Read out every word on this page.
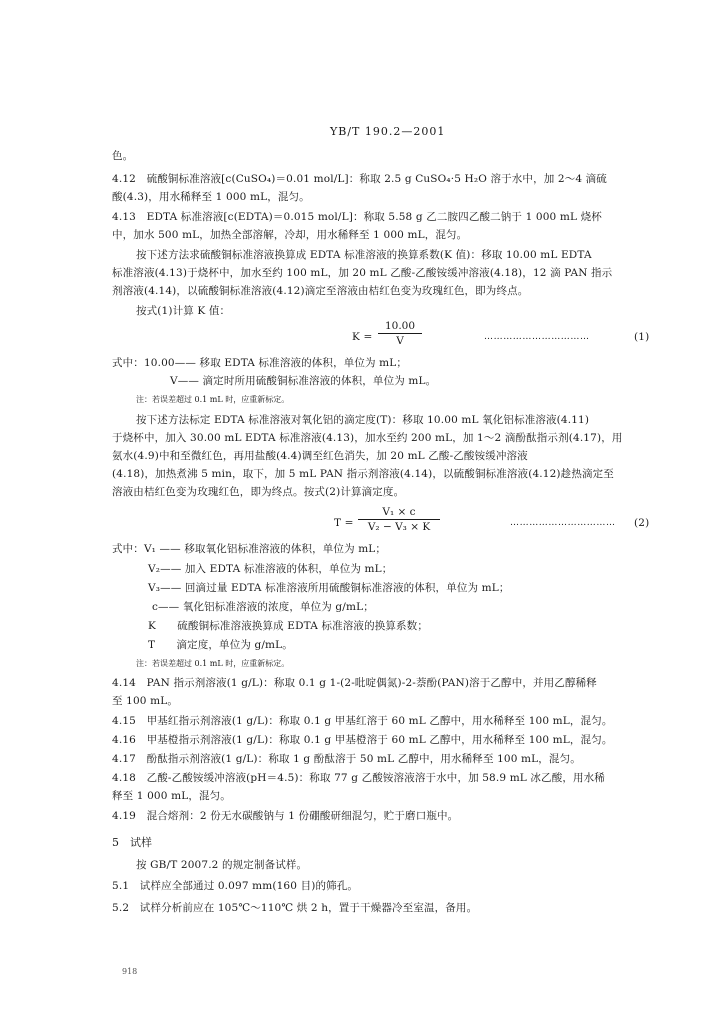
YB/T 190.2—2001
色。
4.12　硫酸铜标准溶液[c(CuSO₄)＝0.01 mol/L]：称取 2.5 g CuSO₄·5 H₂O 溶于水中，加 2～4 滴硫
酸(4.3)，用水稀释至 1 000 mL，混匀。
4.13　EDTA 标准溶液[c(EDTA)＝0.015 mol/L]：称取 5.58 g 乙二胺四乙酸二钠于 1 000 mL 烧杯
中，加水 500 mL，加热全部溶解，冷却，用水稀释至 1 000 mL，混匀。
按下述方法求硫酸铜标准溶液换算成 EDTA 标准溶液的换算系数(K 值)：移取 10.00 mL EDTA
标准溶液(4.13)于烧杯中，加水至约 100 mL，加 20 mL 乙酸-乙酸铵缓冲溶液(4.18)，12 滴 PAN 指示
剂溶液(4.14)，以硫酸铜标准溶液(4.12)滴定至溶液由桔红色变为玫瑰红色，即为终点。
按式(1)计算 K 值：
K =
10.00
V	……………………………	(1)
式中：10.00—— 移取 EDTA 标准溶液的体积，单位为 mL；
V—— 滴定时所用硫酸铜标准溶液的体积，单位为 mL。
注：若误差超过 0.1 mL 时，应重新标定。
按下述方法标定 EDTA 标准溶液对氧化铝的滴定度(T)：移取 10.00 mL 氧化铝标准溶液(4.11)
于烧杯中，加入 30.00 mL EDTA 标准溶液(4.13)，加水至约 200 mL，加 1～2 滴酚酞指示剂(4.17)，用
氨水(4.9)中和至微红色，再用盐酸(4.4)调至红色消失，加 20 mL 乙酸-乙酸铵缓冲溶液
(4.18)，加热煮沸 5 min，取下，加 5 mL PAN 指示剂溶液(4.14)，以硫酸铜标准溶液(4.12)趁热滴定至
溶液由桔红色变为玫瑰红色，即为终点。按式(2)计算滴定度。
T =
V₁ × c
V₂ − V₃ × K	…………………………… (2)
式中：V₁ —— 移取氧化铝标准溶液的体积，单位为 mL；
V₂—— 加入 EDTA 标准溶液的体积，单位为 mL；
V₃—— 回滴过量 EDTA 标准溶液所用硫酸铜标准溶液的体积，单位为 mL；
c—— 氧化铝标准溶液的浓度，单位为 g/mL；
K　　硫酸铜标准溶液换算成 EDTA 标准溶液的换算系数；
T　　滴定度，单位为 g/mL。
注：若误差超过 0.1 mL 时，应重新标定。
4.14　PAN 指示剂溶液(1 g/L)：称取 0.1 g 1-(2-吡啶偶氮)-2-萘酚(PAN)溶于乙醇中，并用乙醇稀释
至 100 mL。
4.15　甲基红指示剂溶液(1 g/L)：称取 0.1 g 甲基红溶于 60 mL 乙醇中，用水稀释至 100 mL，混匀。
4.16　甲基橙指示剂溶液(1 g/L)：称取 0.1 g 甲基橙溶于 60 mL 乙醇中，用水稀释至 100 mL，混匀。
4.17　酚酞指示剂溶液(1 g/L)：称取 1 g 酚酞溶于 50 mL 乙醇中，用水稀释至 100 mL，混匀。
4.18　乙酸-乙酸铵缓冲溶液(pH＝4.5)：称取 77 g 乙酸铵溶液溶于水中，加 58.9 mL 冰乙酸，用水稀
释至 1 000 mL，混匀。
4.19　混合熔剂：2 份无水碳酸钠与 1 份硼酸研细混匀，贮于磨口瓶中。
5　试样
按 GB/T 2007.2 的规定制备试样。
5.1　试样应全部通过 0.097 mm(160 目)的筛孔。
5.2　试样分析前应在 105℃～110℃ 烘 2 h，置于干燥器冷至室温，备用。
918
